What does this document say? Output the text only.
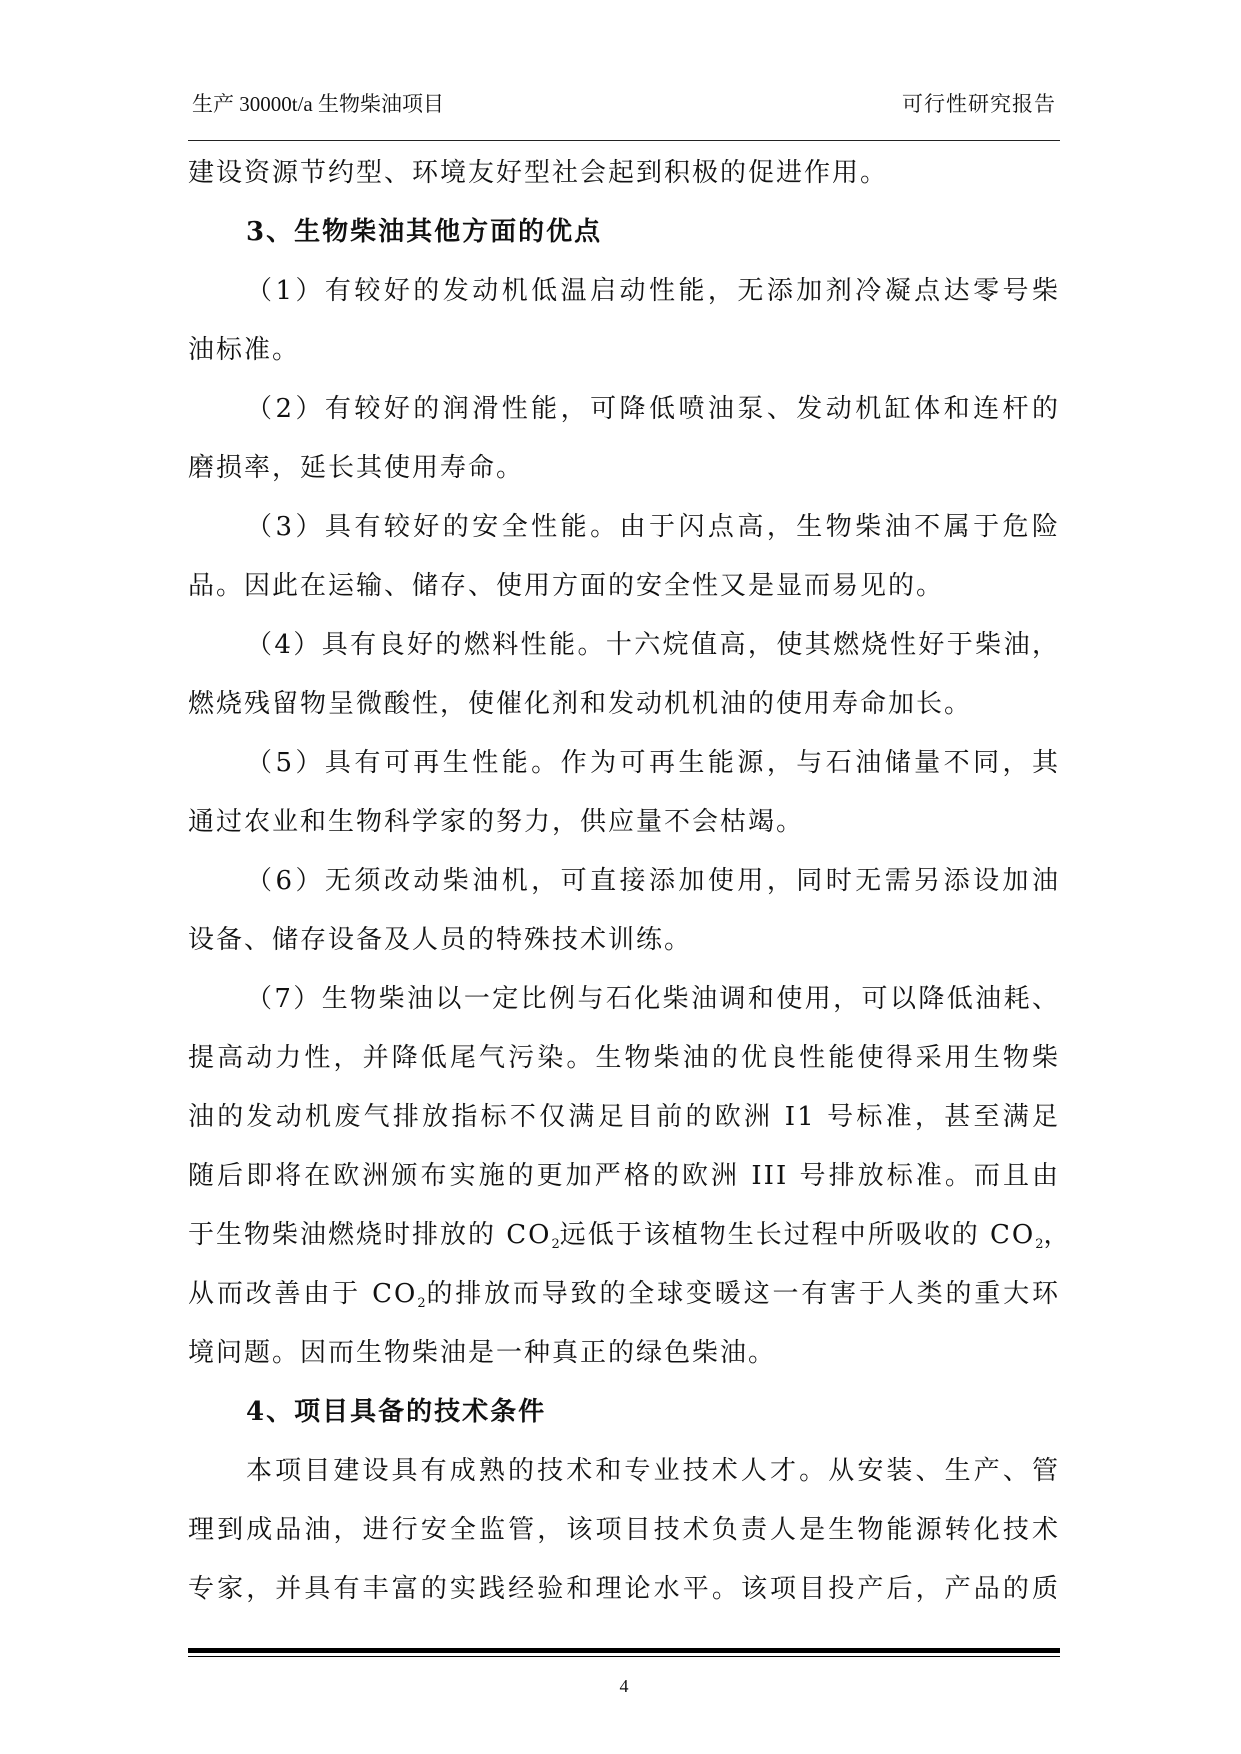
生产 30000t/a 生物柴油项目	可行性研究报告
建设资源节约型、环境友好型社会起到积极的促进作用。
3、生物柴油其他方面的优点
（1）有较好的发动机低温启动性能，无添加剂冷凝点达零号柴
油标准。
（2）有较好的润滑性能，可降低喷油泵、发动机缸体和连杆的
磨损率，延长其使用寿命。
（3）具有较好的安全性能。由于闪点高，生物柴油不属于危险
品。因此在运输、储存、使用方面的安全性又是显而易见的。
（4）具有良好的燃料性能。十六烷值高，使其燃烧性好于柴油，
燃烧残留物呈微酸性，使催化剂和发动机机油的使用寿命加长。
（5）具有可再生性能。作为可再生能源，与石油储量不同，其
通过农业和生物科学家的努力，供应量不会枯竭。
（6）无须改动柴油机，可直接添加使用，同时无需另添设加油
设备、储存设备及人员的特殊技术训练。
（7）生物柴油以一定比例与石化柴油调和使用，可以降低油耗、
提高动力性，并降低尾气污染。生物柴油的优良性能使得采用生物柴
油的发动机废气排放指标不仅满足目前的欧洲 I1 号标准，甚至满足
随后即将在欧洲颁布实施的更加严格的欧洲 III 号排放标准。而且由
于生物柴油燃烧时排放的 $CO_2$远低于该植物生长过程中所吸收的 $CO_2$，
从而改善由于 $CO_2$的排放而导致的全球变暖这一有害于人类的重大环
境问题。因而生物柴油是一种真正的绿色柴油。
4、项目具备的技术条件
本项目建设具有成熟的技术和专业技术人才。从安装、生产、管
理到成品油，进行安全监管，该项目技术负责人是生物能源转化技术
专家，并具有丰富的实践经验和理论水平。该项目投产后，产品的质
4
